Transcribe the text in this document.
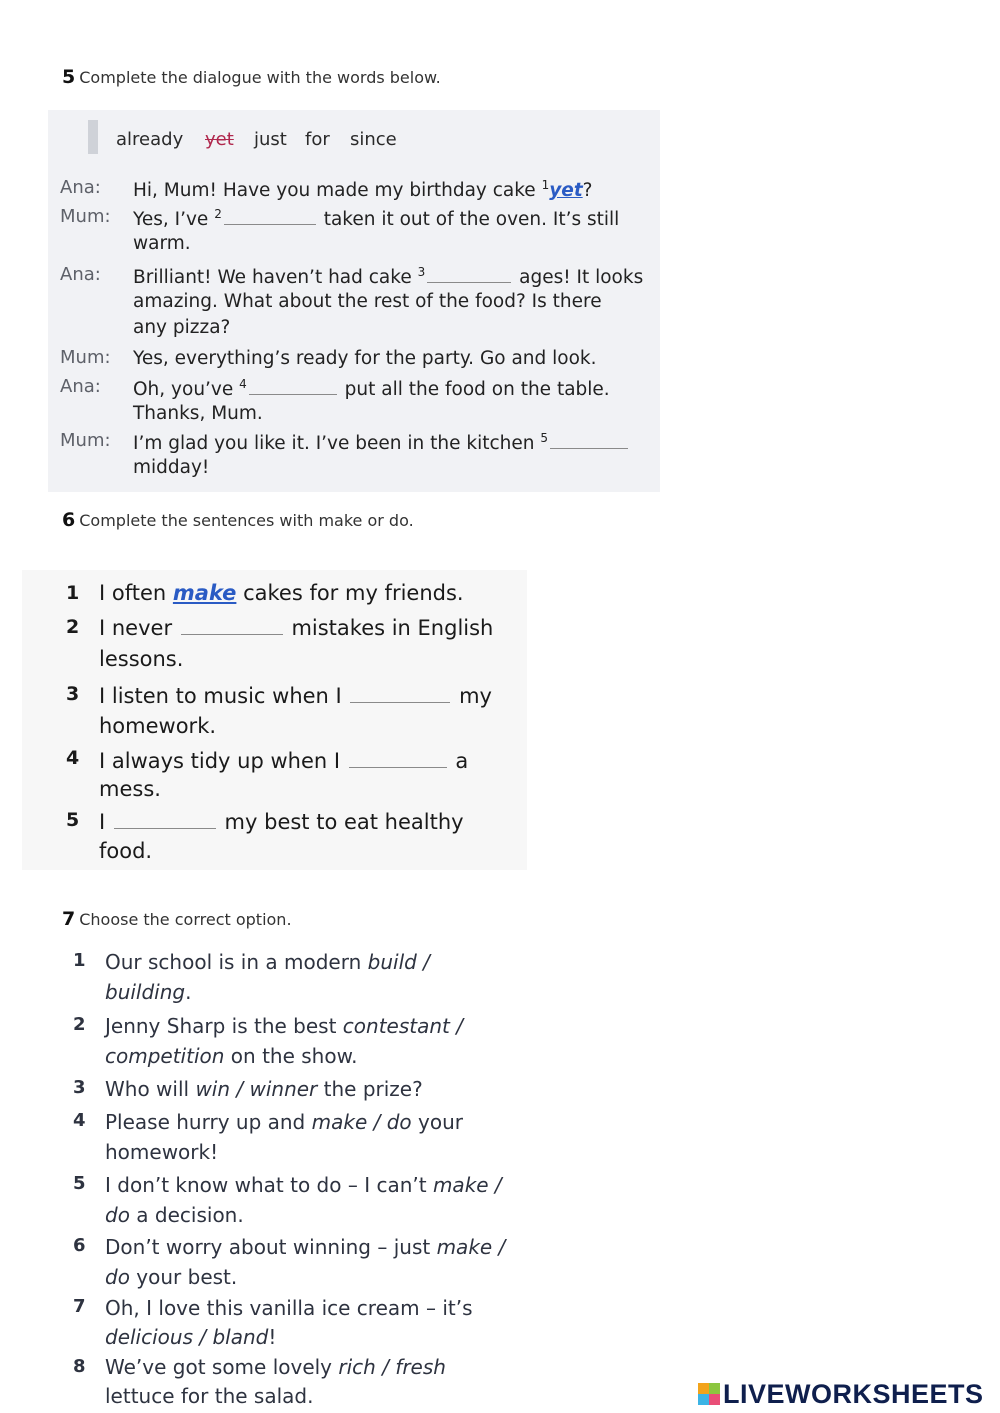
5 Complete the dialogue with the words below.
already yet just for since
Ana: Hi, Mum! Have you made my birthday cake $^1$yet?
Mum: Yes, I’ve $^2$	taken it out of the oven. It’s still
warm.
Ana: Brilliant! We haven’t had cake $^3$	ages! It looks
amazing. What about the rest of the food? Is there
any pizza?
Mum: Yes, everything’s ready for the party. Go and look.
Ana: Oh, you’ve $^4$	put all the food on the table.
Thanks, Mum.
Mum: I’m glad you like it. I’ve been in the kitchen $^5$
midday!
6 Complete the sentences with make or do.
1 I often make cakes for my friends.
2 I never	mistakes in English
lessons.
3 I listen to music when I	my
homework.
4 I always tidy up when I	a
mess.
5 I	my best to eat healthy
food.
7 Choose the correct option.
1 Our school is in a modern build /
building.
2 Jenny Sharp is the best contestant /
competition on the show.
3 Who will win / winner the prize?
4 Please hurry up and make / do your
homework!
5 I don’t know what to do – I can’t make /
do a decision.
6 Don’t worry about winning – just make /
do your best.
7 Oh, I love this vanilla ice cream – it’s
delicious / bland!
8 We’ve got some lovely rich / fresh
lettuce for the salad.	LIVEWORKSHEETS
